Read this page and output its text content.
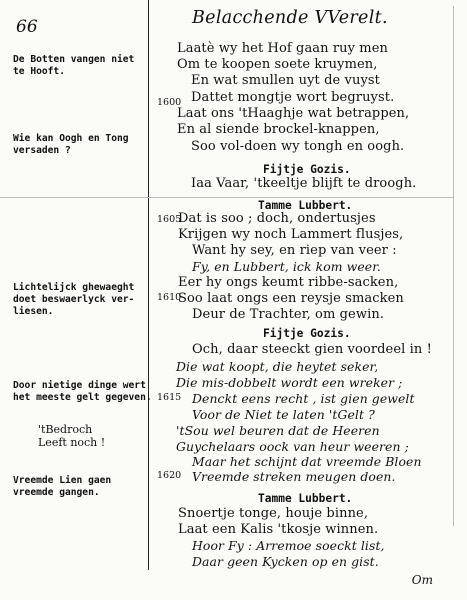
66	Belacchende VVerelt.
De Botten vangen niet
te Hooft.
Wie kan Oogh en Tong
versaden ?
Lichtelijck ghewaeght
doet beswaerlyck ver-
liesen.
Door nietige dinge wert
het meeste gelt gegeven.
'tBedroch
Leeft noch !
Vreemde Lien gaen
vreemde gangen.
1600
1605
1610
1615
1620
Laatè wy het Hof gaan ruy men
Om te koopen soete kruymen,
En wat smullen uyt de vuyst
Dattet mongtje wort begruyst.
Laat ons 'tHaaghje wat betrappen,
En al siende brockel-knappen,
Soo vol-doen wy tongh en oogh.
Fijtje Gozis.
Iaa Vaar, 'tkeeltje blijft te droogh.
Tamme Lubbert.
Dat is soo ; doch, ondertusjes
Krijgen wy noch Lammert flusjes,
Want hy sey, en riep van veer :
Fy, en Lubbert, ick kom weer.
Eer hy ongs keumt ribbe-sacken,
Soo laat ongs een reysje smacken
Deur de Trachter, om gewin.
Fijtje Gozis.
Och, daar steeckt gien voordeel in !
Die wat koopt, die heytet seker,
Die mis-dobbelt wordt een wreker ;
Denckt eens recht , ist gien gewelt
Voor de Niet te laten 'tGelt ?
'tSou wel beuren dat de Heeren
Guychelaars oock van heur weeren ;
Maar het schijnt dat vreemde Bloen
Vreemde streken meugen doen.
Tamme Lubbert.
Snoertje tonge, houje binne,
Laat een Kalis 'tkosje winnen.
Hoor Fy : Arremoe soeckt list,
Daar geen Kycken op en gist.
Om
